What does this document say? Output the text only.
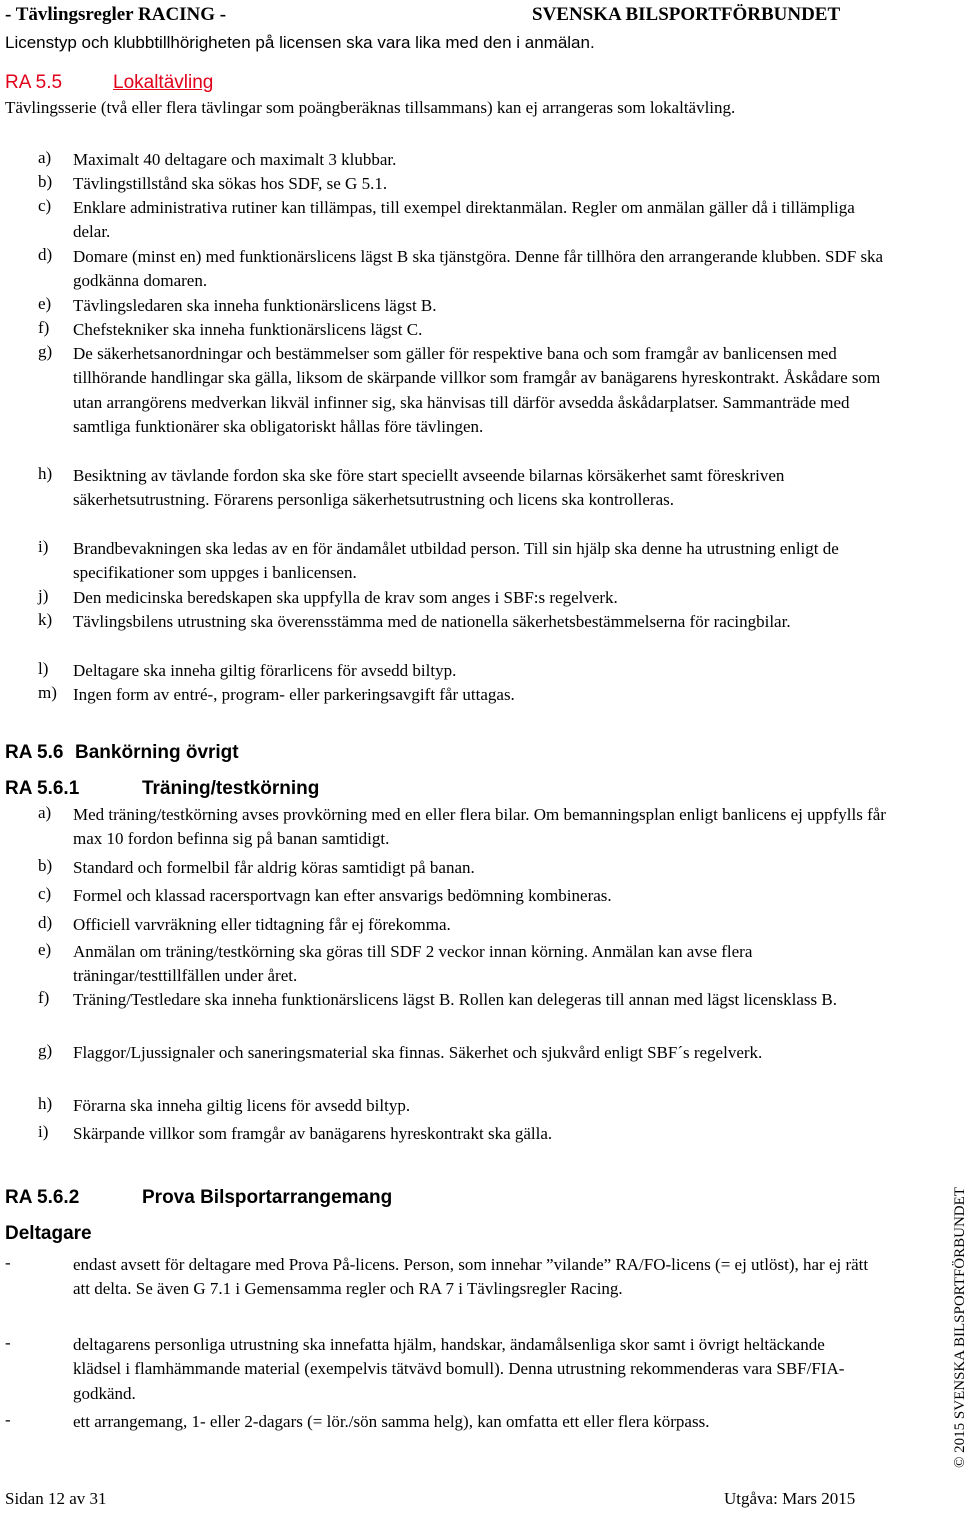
- Tävlingsregler RACING -	SVENSKA BILSPORTFÖRBUNDET
Licenstyp och klubbtillhörigheten på licensen ska vara lika med den i anmälan.
RA 5.5	Lokaltävling
Tävlingsserie (två eller flera tävlingar som poängberäknas tillsammans) kan ej arrangeras som lokaltävling.
a) Maximalt 40 deltagare och maximalt 3 klubbar.
b) Tävlingstillstånd ska sökas hos SDF, se G 5.1.
c) Enklare administrativa rutiner kan tillämpas, till exempel direktanmälan. Regler om anmälan gäller då i tillämpliga delar.
d) Domare (minst en) med funktionärslicens lägst B ska tjänstgöra. Denne får tillhöra den arrangerande klubben. SDF ska godkänna domaren.
e) Tävlingsledaren ska inneha funktionärslicens lägst B.
f) Chefstekniker ska inneha funktionärslicens lägst C.
g) De säkerhetsanordningar och bestämmelser som gäller för respektive bana och som framgår av banlicensen med tillhörande handlingar ska gälla, liksom de skärpande villkor som framgår av banägarens hyreskontrakt. Åskådare som utan arrangörens medverkan likväl infinner sig, ska hänvisas till därför avsedda åskådarplatser. Sammanträde med samtliga funktionärer ska obligatoriskt hållas före tävlingen.
h) Besiktning av tävlande fordon ska ske före start speciellt avseende bilarnas körsäkerhet samt föreskriven säkerhetsutrustning. Förarens personliga säkerhetsutrustning och licens ska kontrolleras.
i) Brandbevakningen ska ledas av en för ändamålet utbildad person. Till sin hjälp ska denne ha utrustning enligt de specifikationer som uppges i banlicensen.
j) Den medicinska beredskapen ska uppfylla de krav som anges i SBF:s regelverk.
k) Tävlingsbilens utrustning ska överensstämma med de nationella säkerhetsbestämmelserna för racingbilar.
l) Deltagare ska inneha giltig förarlicens för avsedd biltyp.
m) Ingen form av entré-, program- eller parkeringsavgift får uttagas.
RA 5.6 Bankörning övrigt
RA 5.6.1	Träning/testkörning
a) Med träning/testkörning avses provkörning med en eller flera bilar. Om bemanningsplan enligt banlicens ej uppfylls får max 10 fordon befinna sig på banan samtidigt.
b) Standard och formelbil får aldrig köras samtidigt på banan.
c) Formel och klassad racersportvagn kan efter ansvarigs bedömning kombineras.
d) Officiell varvräkning eller tidtagning får ej förekomma.
e) Anmälan om träning/testkörning ska göras till SDF 2 veckor innan körning. Anmälan kan avse flera träningar/testtillfällen under året.
f) Träning/Testledare ska inneha funktionärslicens lägst B. Rollen kan delegeras till annan med lägst licensklass B.
g) Flaggor/Ljussignaler och saneringsmaterial ska finnas. Säkerhet och sjukvård enligt SBF´s regelverk.
h) Förarna ska inneha giltig licens för avsedd biltyp.
i) Skärpande villkor som framgår av banägarens hyreskontrakt ska gälla.
RA 5.6.2	Prova Bilsportarrangemang
Deltagare
-	endast avsett för deltagare med Prova På-licens. Person, som innehar ”vilande” RA/FO-licens (= ej utlöst), har ej rätt att delta. Se även G 7.1 i Gemensamma regler och RA 7 i Tävlingsregler Racing.
-	deltagarens personliga utrustning ska innefatta hjälm, handskar, ändamålsenliga skor samt i övrigt heltäckande klädsel i flamhämmande material (exempelvis tätvävd bomull). Denna utrustning rekommenderas vara SBF/FIA-godkänd.
-	ett arrangemang, 1- eller 2-dagars (= lör./sön samma helg), kan omfatta ett eller flera körpass.	© 2015 SVENSKA BILSPORTFÖRBUNDET
Sidan 12 av 31	Utgåva: Mars 2015
